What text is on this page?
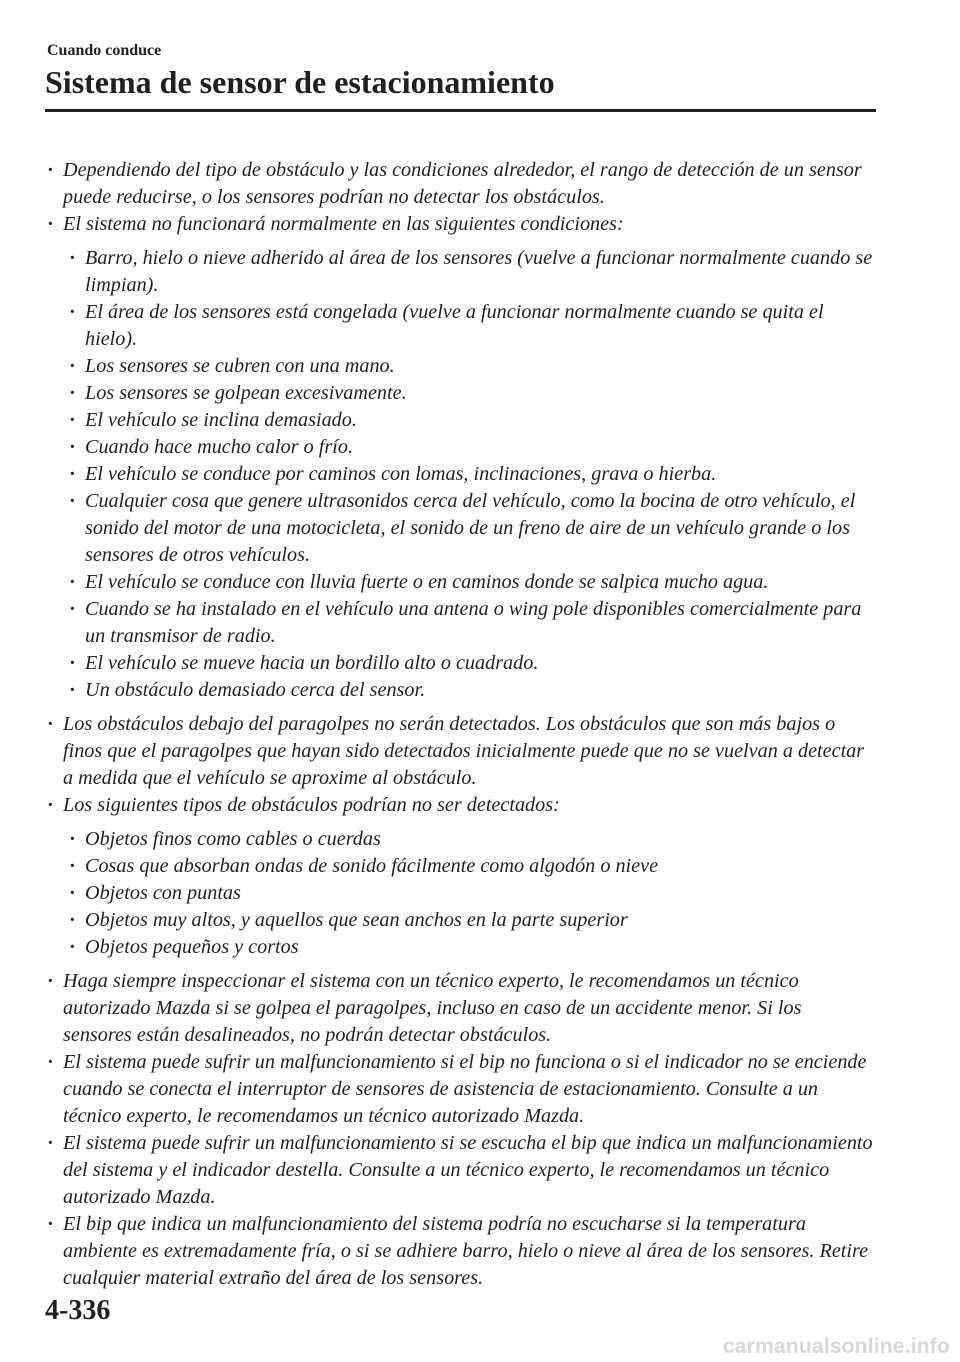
Cuando conduce
Sistema de sensor de estacionamiento
· Dependiendo del tipo de obstáculo y las condiciones alrededor, el rango de detección de un sensor puede reducirse, o los sensores podrían no detectar los obstáculos.
· El sistema no funcionará normalmente en las siguientes condiciones:
· Barro, hielo o nieve adherido al área de los sensores (vuelve a funcionar normalmente cuando se limpian).
· El área de los sensores está congelada (vuelve a funcionar normalmente cuando se quita el hielo).
· Los sensores se cubren con una mano.
· Los sensores se golpean excesivamente.
· El vehículo se inclina demasiado.
· Cuando hace mucho calor o frío.
· El vehículo se conduce por caminos con lomas, inclinaciones, grava o hierba.
· Cualquier cosa que genere ultrasonidos cerca del vehículo, como la bocina de otro vehículo, el sonido del motor de una motocicleta, el sonido de un freno de aire de un vehículo grande o los sensores de otros vehículos.
· El vehículo se conduce con lluvia fuerte o en caminos donde se salpica mucho agua.
· Cuando se ha instalado en el vehículo una antena o wing pole disponibles comercialmente para un transmisor de radio.
· El vehículo se mueve hacia un bordillo alto o cuadrado.
· Un obstáculo demasiado cerca del sensor.
· Los obstáculos debajo del paragolpes no serán detectados. Los obstáculos que son más bajos o finos que el paragolpes que hayan sido detectados inicialmente puede que no se vuelvan a detectar a medida que el vehículo se aproxime al obstáculo.
· Los siguientes tipos de obstáculos podrían no ser detectados:
· Objetos finos como cables o cuerdas
· Cosas que absorban ondas de sonido fácilmente como algodón o nieve
· Objetos con puntas
· Objetos muy altos, y aquellos que sean anchos en la parte superior
· Objetos pequeños y cortos
· Haga siempre inspeccionar el sistema con un técnico experto, le recomendamos un técnico autorizado Mazda si se golpea el paragolpes, incluso en caso de un accidente menor. Si los sensores están desalineados, no podrán detectar obstáculos.
· El sistema puede sufrir un malfuncionamiento si el bip no funciona o si el indicador no se enciende cuando se conecta el interruptor de sensores de asistencia de estacionamiento. Consulte a un técnico experto, le recomendamos un técnico autorizado Mazda.
· El sistema puede sufrir un malfuncionamiento si se escucha el bip que indica un malfuncionamiento del sistema y el indicador destella. Consulte a un técnico experto, le recomendamos un técnico autorizado Mazda.
· El bip que indica un malfuncionamiento del sistema podría no escucharse si la temperatura ambiente es extremadamente fría, o si se adhiere barro, hielo o nieve al área de los sensores. Retire cualquier material extraño del área de los sensores.
4-336
carmanualsonline.info
